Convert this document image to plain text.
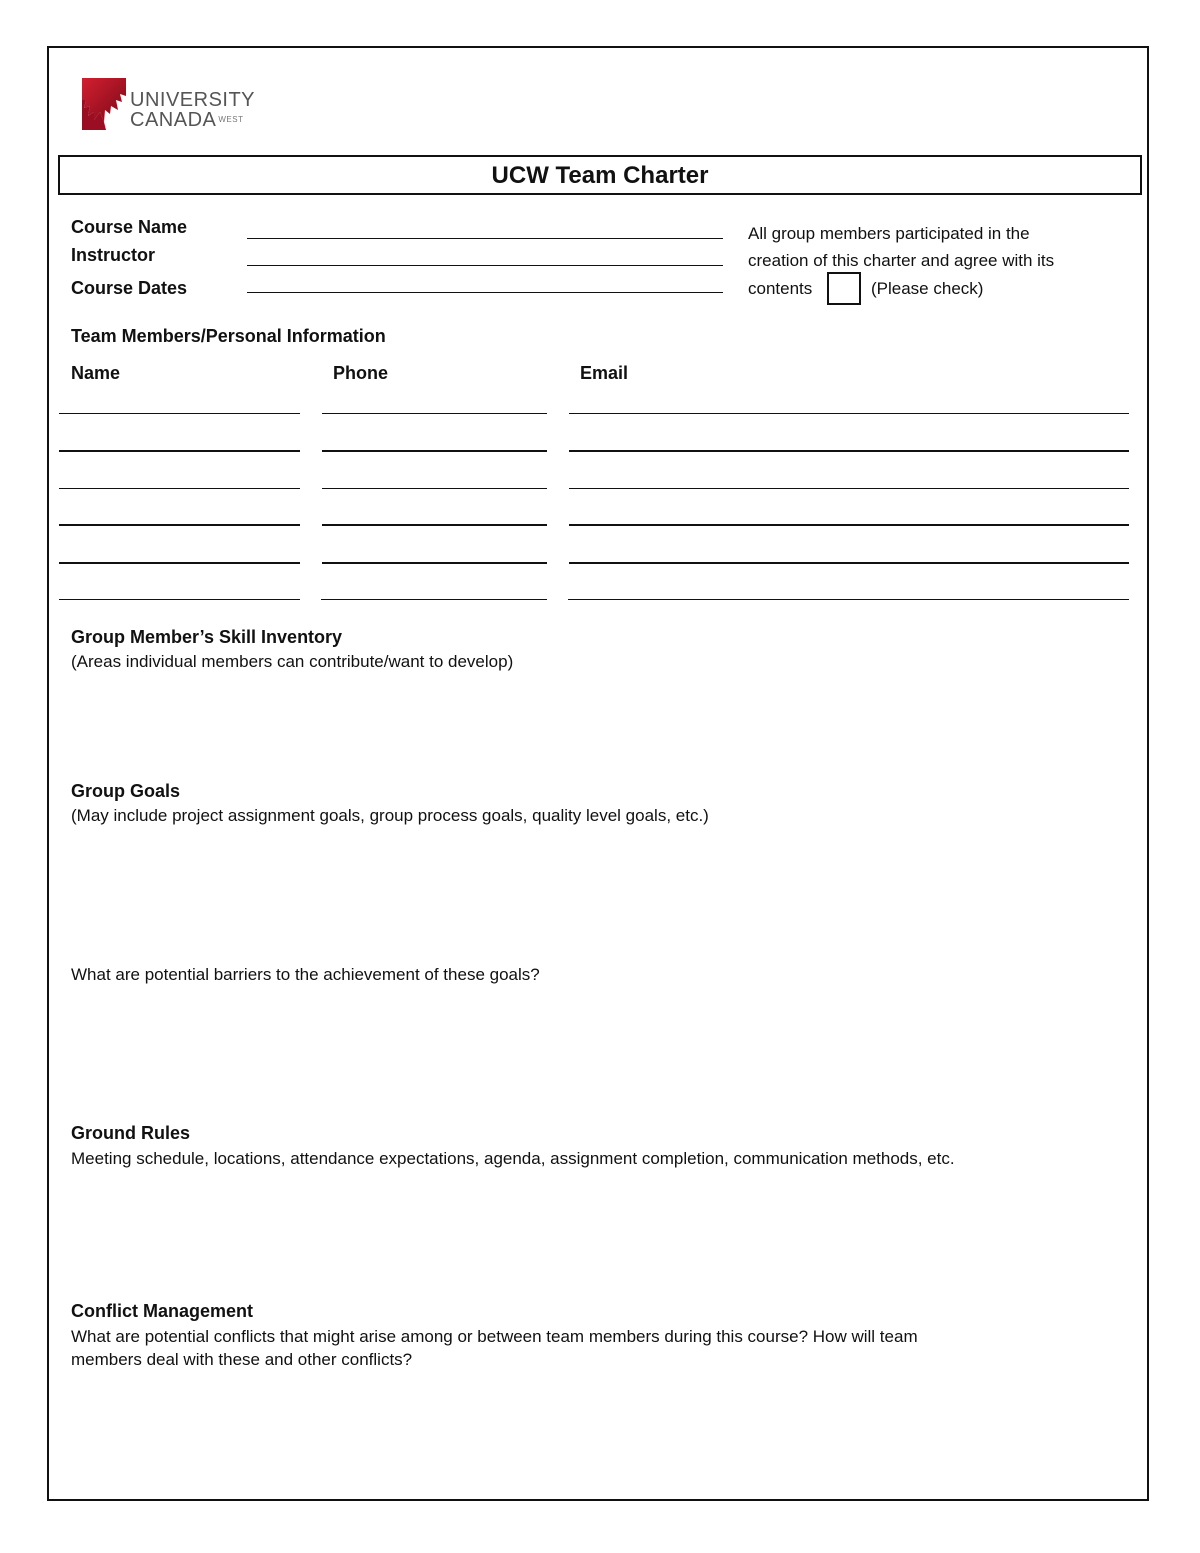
UNIVERSITY
CANADA $^{WEST}$
UCW Team Charter
Course Name
Instructor
Course Dates
All group members participated in the
creation of this charter and agree with its
contents	(Please check)
Team Members/Personal Information
Name	Phone	Email
Group Member’s Skill Inventory
(Areas individual members can contribute/want to develop)
Group Goals
(May include project assignment goals, group process goals, quality level goals, etc.)
What are potential barriers to the achievement of these goals?
Ground Rules
Meeting schedule, locations, attendance expectations, agenda, assignment completion, communication methods, etc.
Conflict Management
What are potential conflicts that might arise among or between team members during this course? How will team
members deal with these and other conflicts?
